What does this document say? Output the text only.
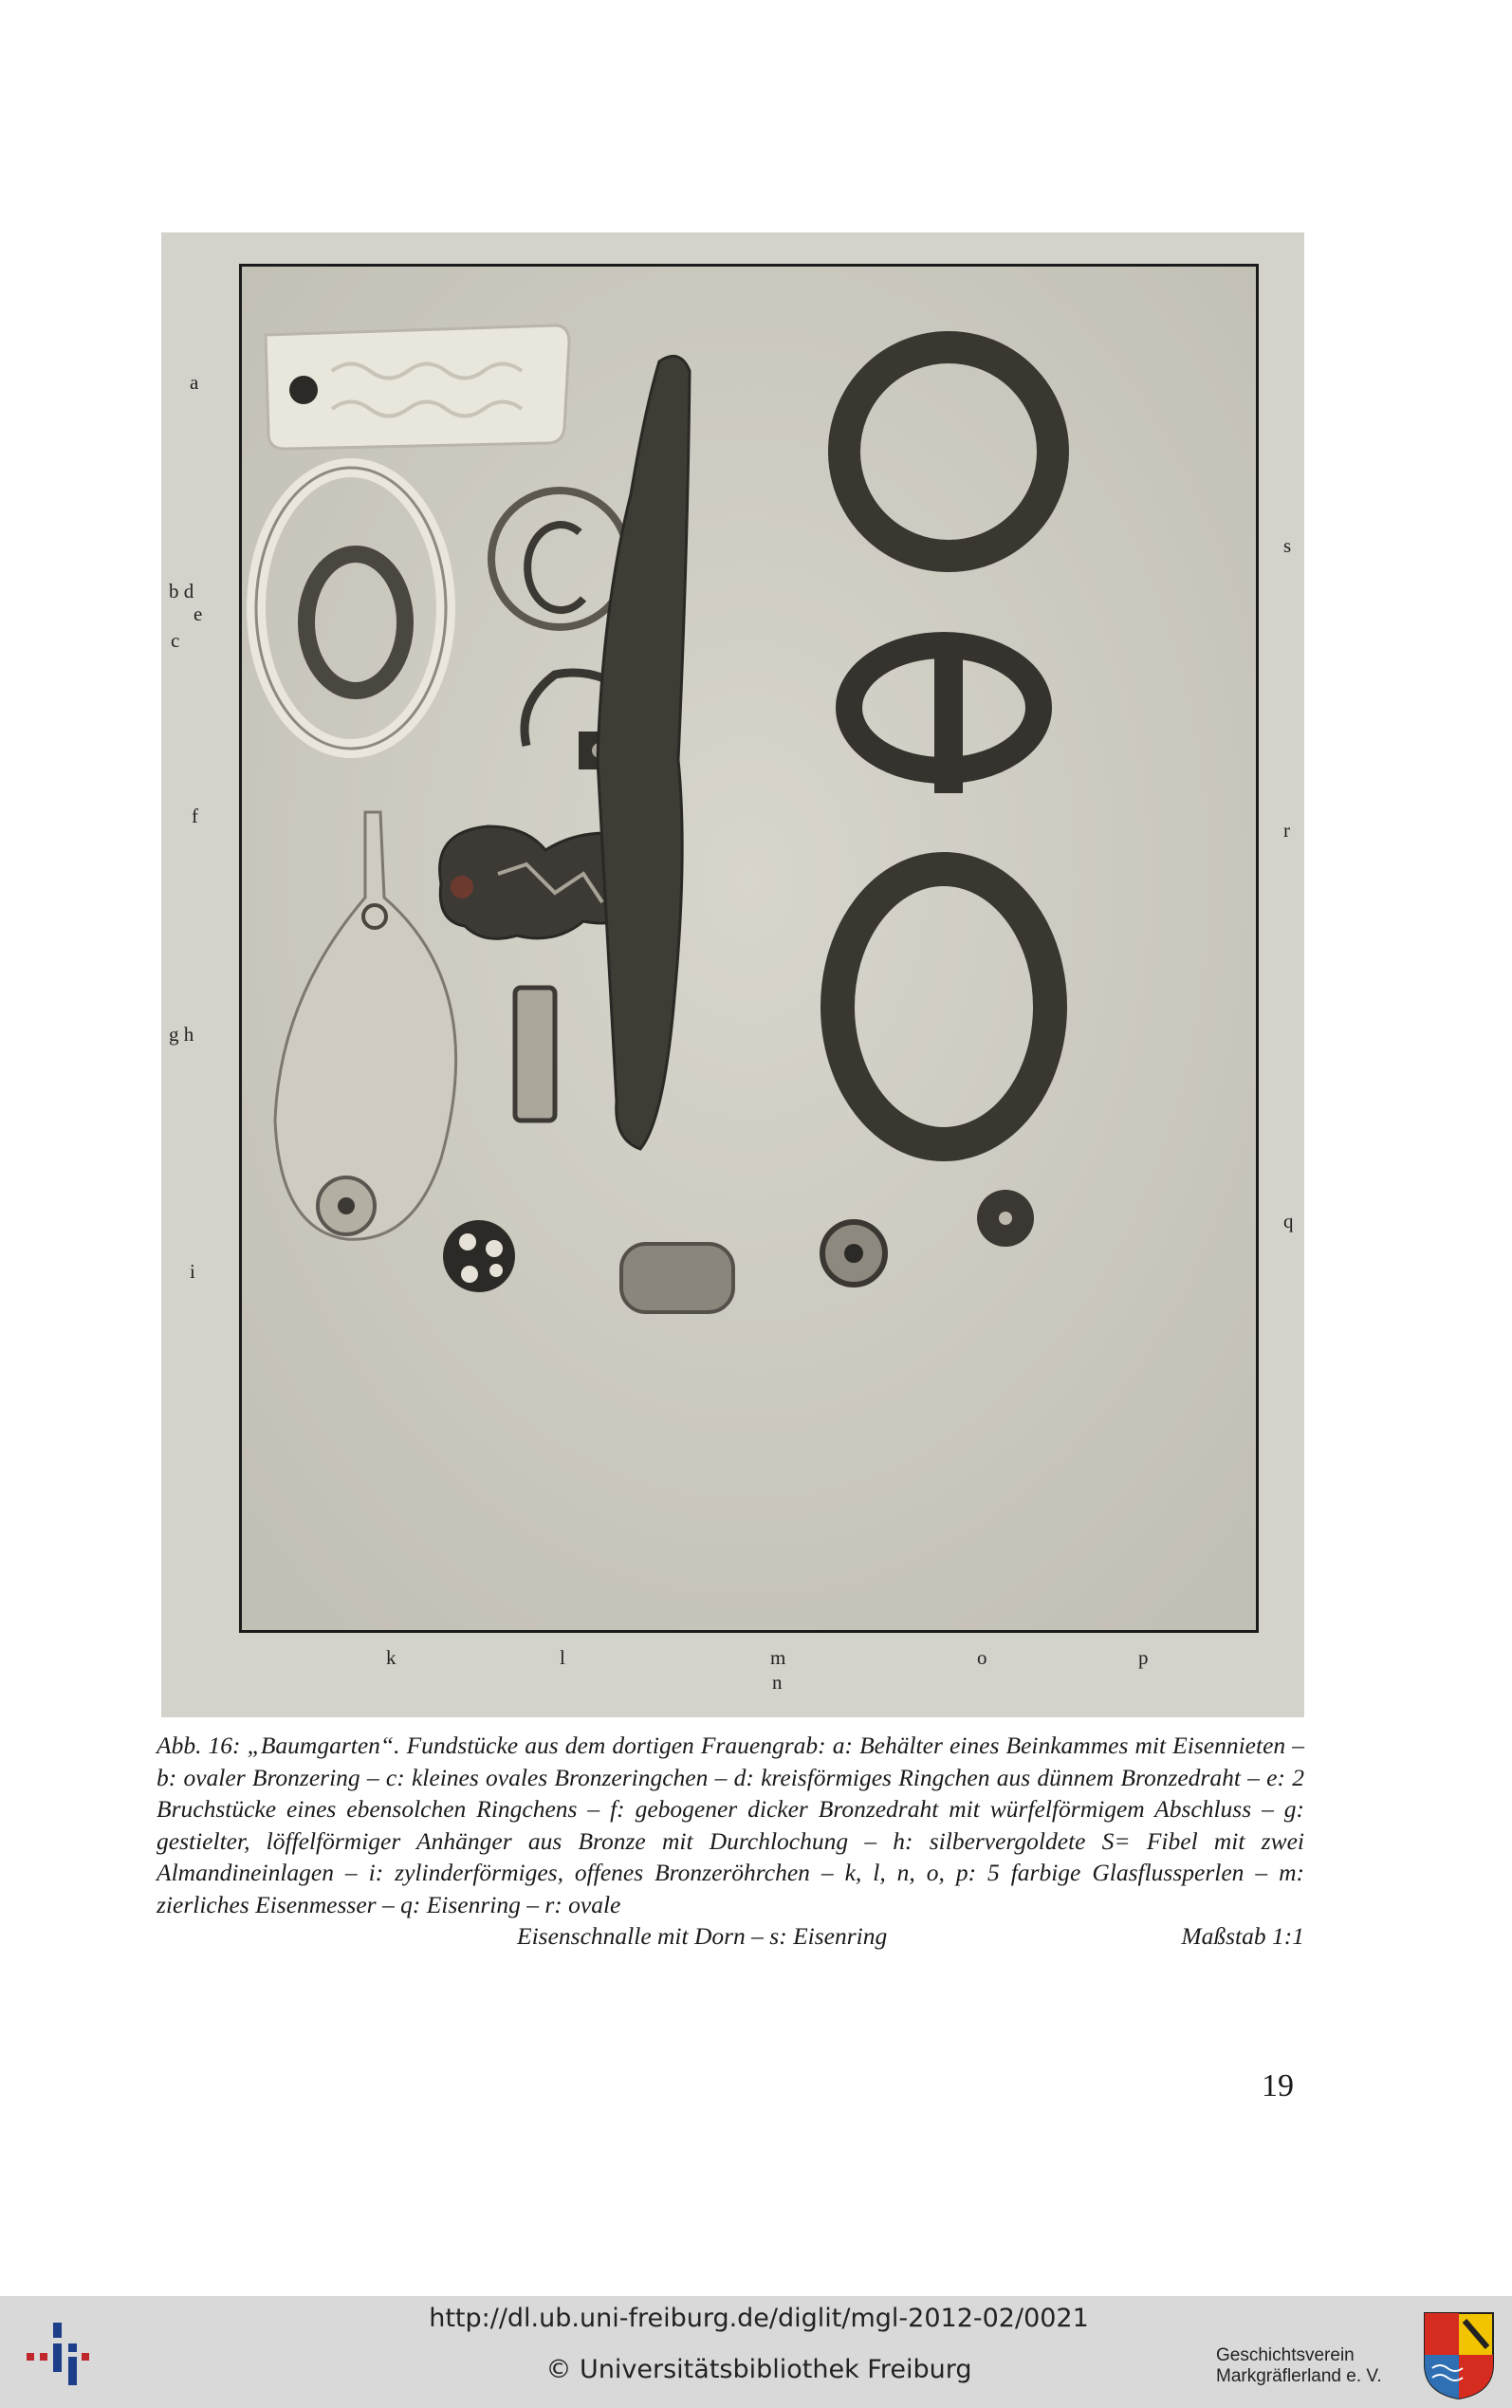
a
b d
e
c
f
g h
i
s
r
q
k	l	m
n
o	p
Abb. 16: „Baumgarten“. Fundstücke aus dem dortigen Frauengrab: a: Behälter eines Beinkammes mit Eisennieten – b: ovaler Bronzering – c: kleines ovales Bronzeringchen – d: kreisförmiges Ringchen aus dünnem Bronzedraht – e: 2 Bruchstücke eines ebensolchen Ringchens – f: gebogener dicker Bronzedraht mit würfelförmigem Abschluss – g: gestielter, löffelförmiger Anhänger aus Bronze mit Durchlochung – h: silbervergoldete S= Fibel mit zwei Almandineinlagen – i: zylinderförmiges, offenes Bronzeröhrchen – k, l, n, o, p: 5 farbige Glasflussperlen – m: zierliches Eisenmesser – q: Eisenring – r: ovale
Eisenschnalle mit Dorn – s: Eisenring	Maßstab 1:1
19
http://dl.ub.uni-freiburg.de/diglit/mgl-2012-02/0021
© Universitätsbibliothek Freiburg	Geschichtsverein
Markgräflerland e. V.
